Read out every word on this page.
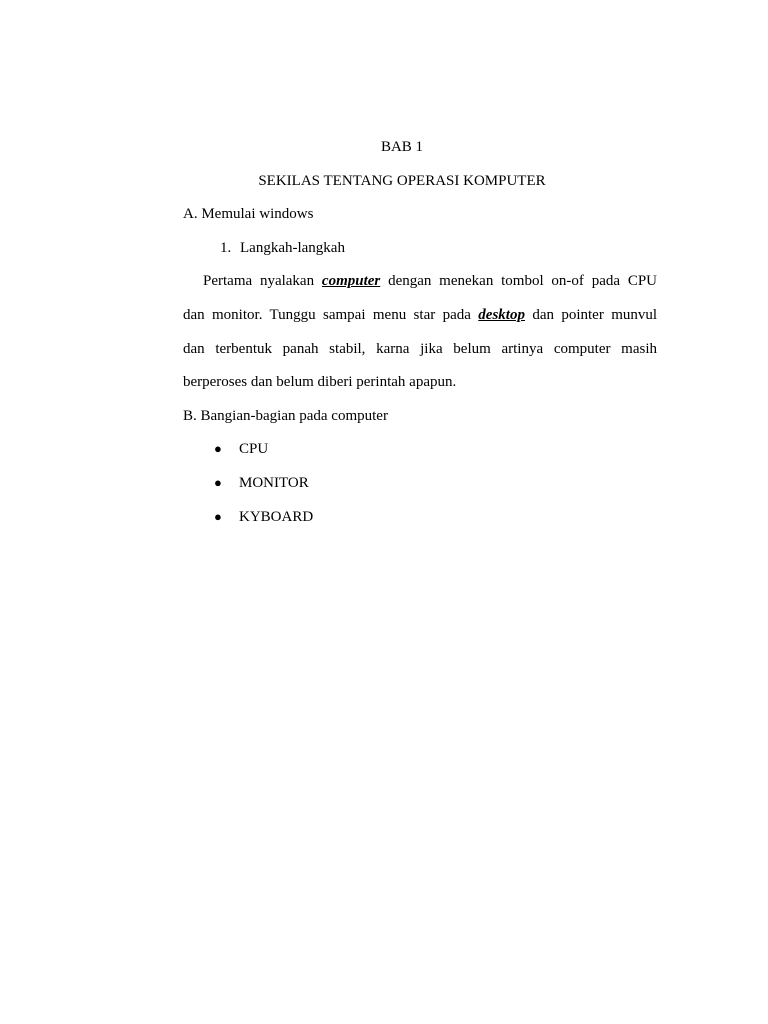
BAB 1
SEKILAS TENTANG OPERASI KOMPUTER
A. Memulai windows
1. Langkah-langkah
Pertama nyalakan computer dengan menekan tombol on-of pada CPU
dan monitor. Tunggu sampai menu star pada desktop dan pointer munvul
dan terbentuk panah stabil, karna jika belum artinya computer masih
berperoses dan belum diberi perintah apapun.
B. Bangian-bagian pada computer
● CPU
● MONITOR
● KYBOARD
